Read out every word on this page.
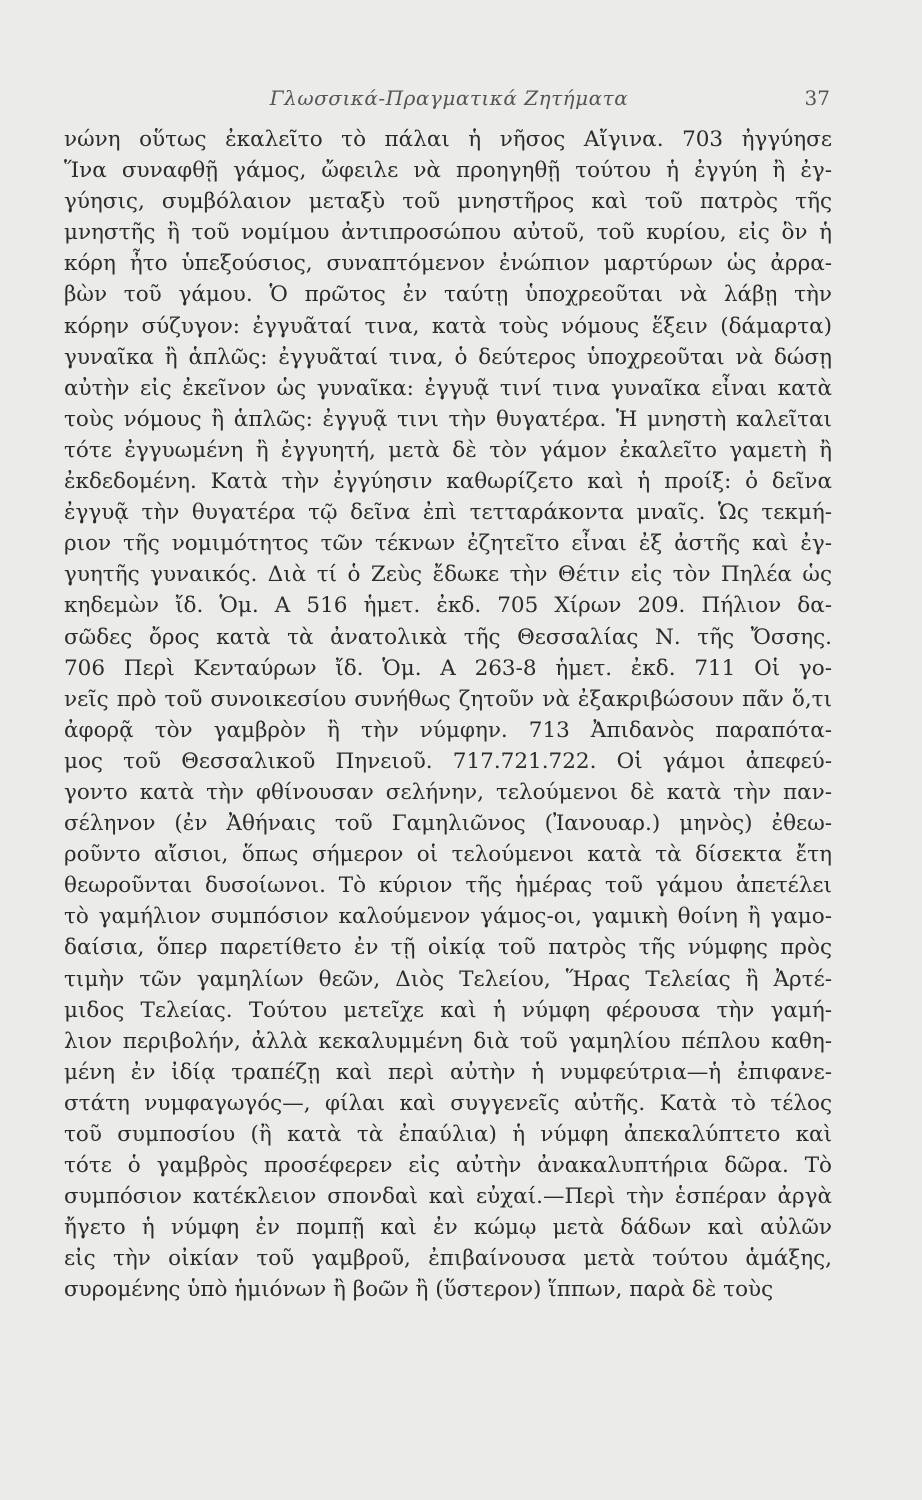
Γλωσσικά-Πραγματικά Ζητήματα	37
νώνη οὕτως ἐκαλεῖτο τὸ πάλαι ἡ νῆσος Αἴγινα. 703 ἠγγύησε
Ἵνα συναφθῇ γάμος, ὤφειλε νὰ προηγηθῇ τούτου ἡ ἐγγύη ἢ ἐγ-
γύησις, συμβόλαιον μεταξὺ τοῦ μνηστῆρος καὶ τοῦ πατρὸς τῆς
μνηστῆς ἢ τοῦ νομίμου ἀντιπροσώπου αὐτοῦ, τοῦ κυρίου, εἰς ὃν ἡ
κόρη ἦτο ὑπεξούσιος, συναπτόμενον ἐνώπιον μαρτύρων ὡς ἀρρα-
βὼν τοῦ γάμου. Ὁ πρῶτος ἐν ταύτῃ ὑποχρεοῦται νὰ λάβῃ τὴν
κόρην σύζυγον: ἐγγυᾶταί τινα, κατὰ τοὺς νόμους ἕξειν (δάμαρτα)
γυναῖκα ἢ ἁπλῶς: ἐγγυᾶταί τινα, ὁ δεύτερος ὑποχρεοῦται νὰ δώσῃ
αὐτὴν εἰς ἐκεῖνον ὡς γυναῖκα: ἐγγυᾷ τινί τινα γυναῖκα εἶναι κατὰ
τοὺς νόμους ἢ ἁπλῶς: ἐγγυᾷ τινι τὴν θυγατέρα. Ἡ μνηστὴ καλεῖται
τότε ἐγγυωμένη ἢ ἐγγυητή, μετὰ δὲ τὸν γάμον ἐκαλεῖτο γαμετὴ ἢ
ἐκδεδομένη. Κατὰ τὴν ἐγγύησιν καθωρίζετο καὶ ἡ προίξ: ὁ δεῖνα
ἐγγυᾷ τὴν θυγατέρα τῷ δεῖνα ἐπὶ τετταράκοντα μναῖς. Ὡς τεκμή-
ριον τῆς νομιμότητος τῶν τέκνων ἐζητεῖτο εἶναι ἐξ ἀστῆς καὶ ἐγ-
γυητῆς γυναικός. Διὰ τί ὁ Ζεὺς ἔδωκε τὴν Θέτιν εἰς τὸν Πηλέα ὡς
κηδεμὼν ἴδ. Ὁμ. Α 516 ἡμετ. ἐκδ. 705 Χίρων 209. Πήλιον δα-
σῶδες ὄρος κατὰ τὰ ἀνατολικὰ τῆς Θεσσαλίας Ν. τῆς Ὄσσης.
706 Περὶ Κενταύρων ἴδ. Ὁμ. Α 263-8 ἡμετ. ἐκδ. 711 Οἱ γο-
νεῖς πρὸ τοῦ συνοικεσίου συνήθως ζητοῦν νὰ ἐξακριβώσουν πᾶν ὅ,τι
ἀφορᾷ τὸν γαμβρὸν ἢ τὴν νύμφην. 713 Ἀπιδανὸς παραπότα-
μος τοῦ Θεσσαλικοῦ Πηνειοῦ. 717.721.722. Οἱ γάμοι ἀπεφεύ-
γοντο κατὰ τὴν φθίνουσαν σελήνην, τελούμενοι δὲ κατὰ τὴν παν-
σέληνον (ἐν Ἀθήναις τοῦ Γαμηλιῶνος (Ἰανουαρ.) μηνὸς) ἐθεω-
ροῦντο αἴσιοι, ὅπως σήμερον οἱ τελούμενοι κατὰ τὰ δίσεκτα ἔτη
θεωροῦνται δυσοίωνοι. Τὸ κύριον τῆς ἡμέρας τοῦ γάμου ἀπετέλει
τὸ γαμήλιον συμπόσιον καλούμενον γάμος-οι, γαμικὴ θοίνη ἢ γαμο-
δαίσια, ὅπερ παρετίθετο ἐν τῇ οἰκίᾳ τοῦ πατρὸς τῆς νύμφης πρὸς
τιμὴν τῶν γαμηλίων θεῶν, Διὸς Τελείου, Ἥρας Τελείας ἢ Ἀρτέ-
μιδος Τελείας. Τούτου μετεῖχε καὶ ἡ νύμφη φέρουσα τὴν γαμή-
λιον περιβολήν, ἀλλὰ κεκαλυμμένη διὰ τοῦ γαμηλίου πέπλου καθη-
μένη ἐν ἰδίᾳ τραπέζῃ καὶ περὶ αὐτὴν ἡ νυμφεύτρια—ἡ ἐπιφανε-
στάτη νυμφαγωγός—, φίλαι καὶ συγγενεῖς αὐτῆς. Κατὰ τὸ τέλος
τοῦ συμποσίου (ἢ κατὰ τὰ ἐπαύλια) ἡ νύμφη ἀπεκαλύπτετο καὶ
τότε ὁ γαμβρὸς προσέφερεν εἰς αὐτὴν ἀνακαλυπτήρια δῶρα. Τὸ
συμπόσιον κατέκλειον σπονδαὶ καὶ εὐχαί.—Περὶ τὴν ἑσπέραν ἀργὰ
ἤγετο ἡ νύμφη ἐν πομπῇ καὶ ἐν κώμῳ μετὰ δάδων καὶ αὐλῶν
εἰς τὴν οἰκίαν τοῦ γαμβροῦ, ἐπιβαίνουσα μετὰ τούτου ἁμάξης,
συρομένης ὑπὸ ἡμιόνων ἢ βοῶν ἢ (ὕστερον) ἵππων, παρὰ δὲ τοὺς
